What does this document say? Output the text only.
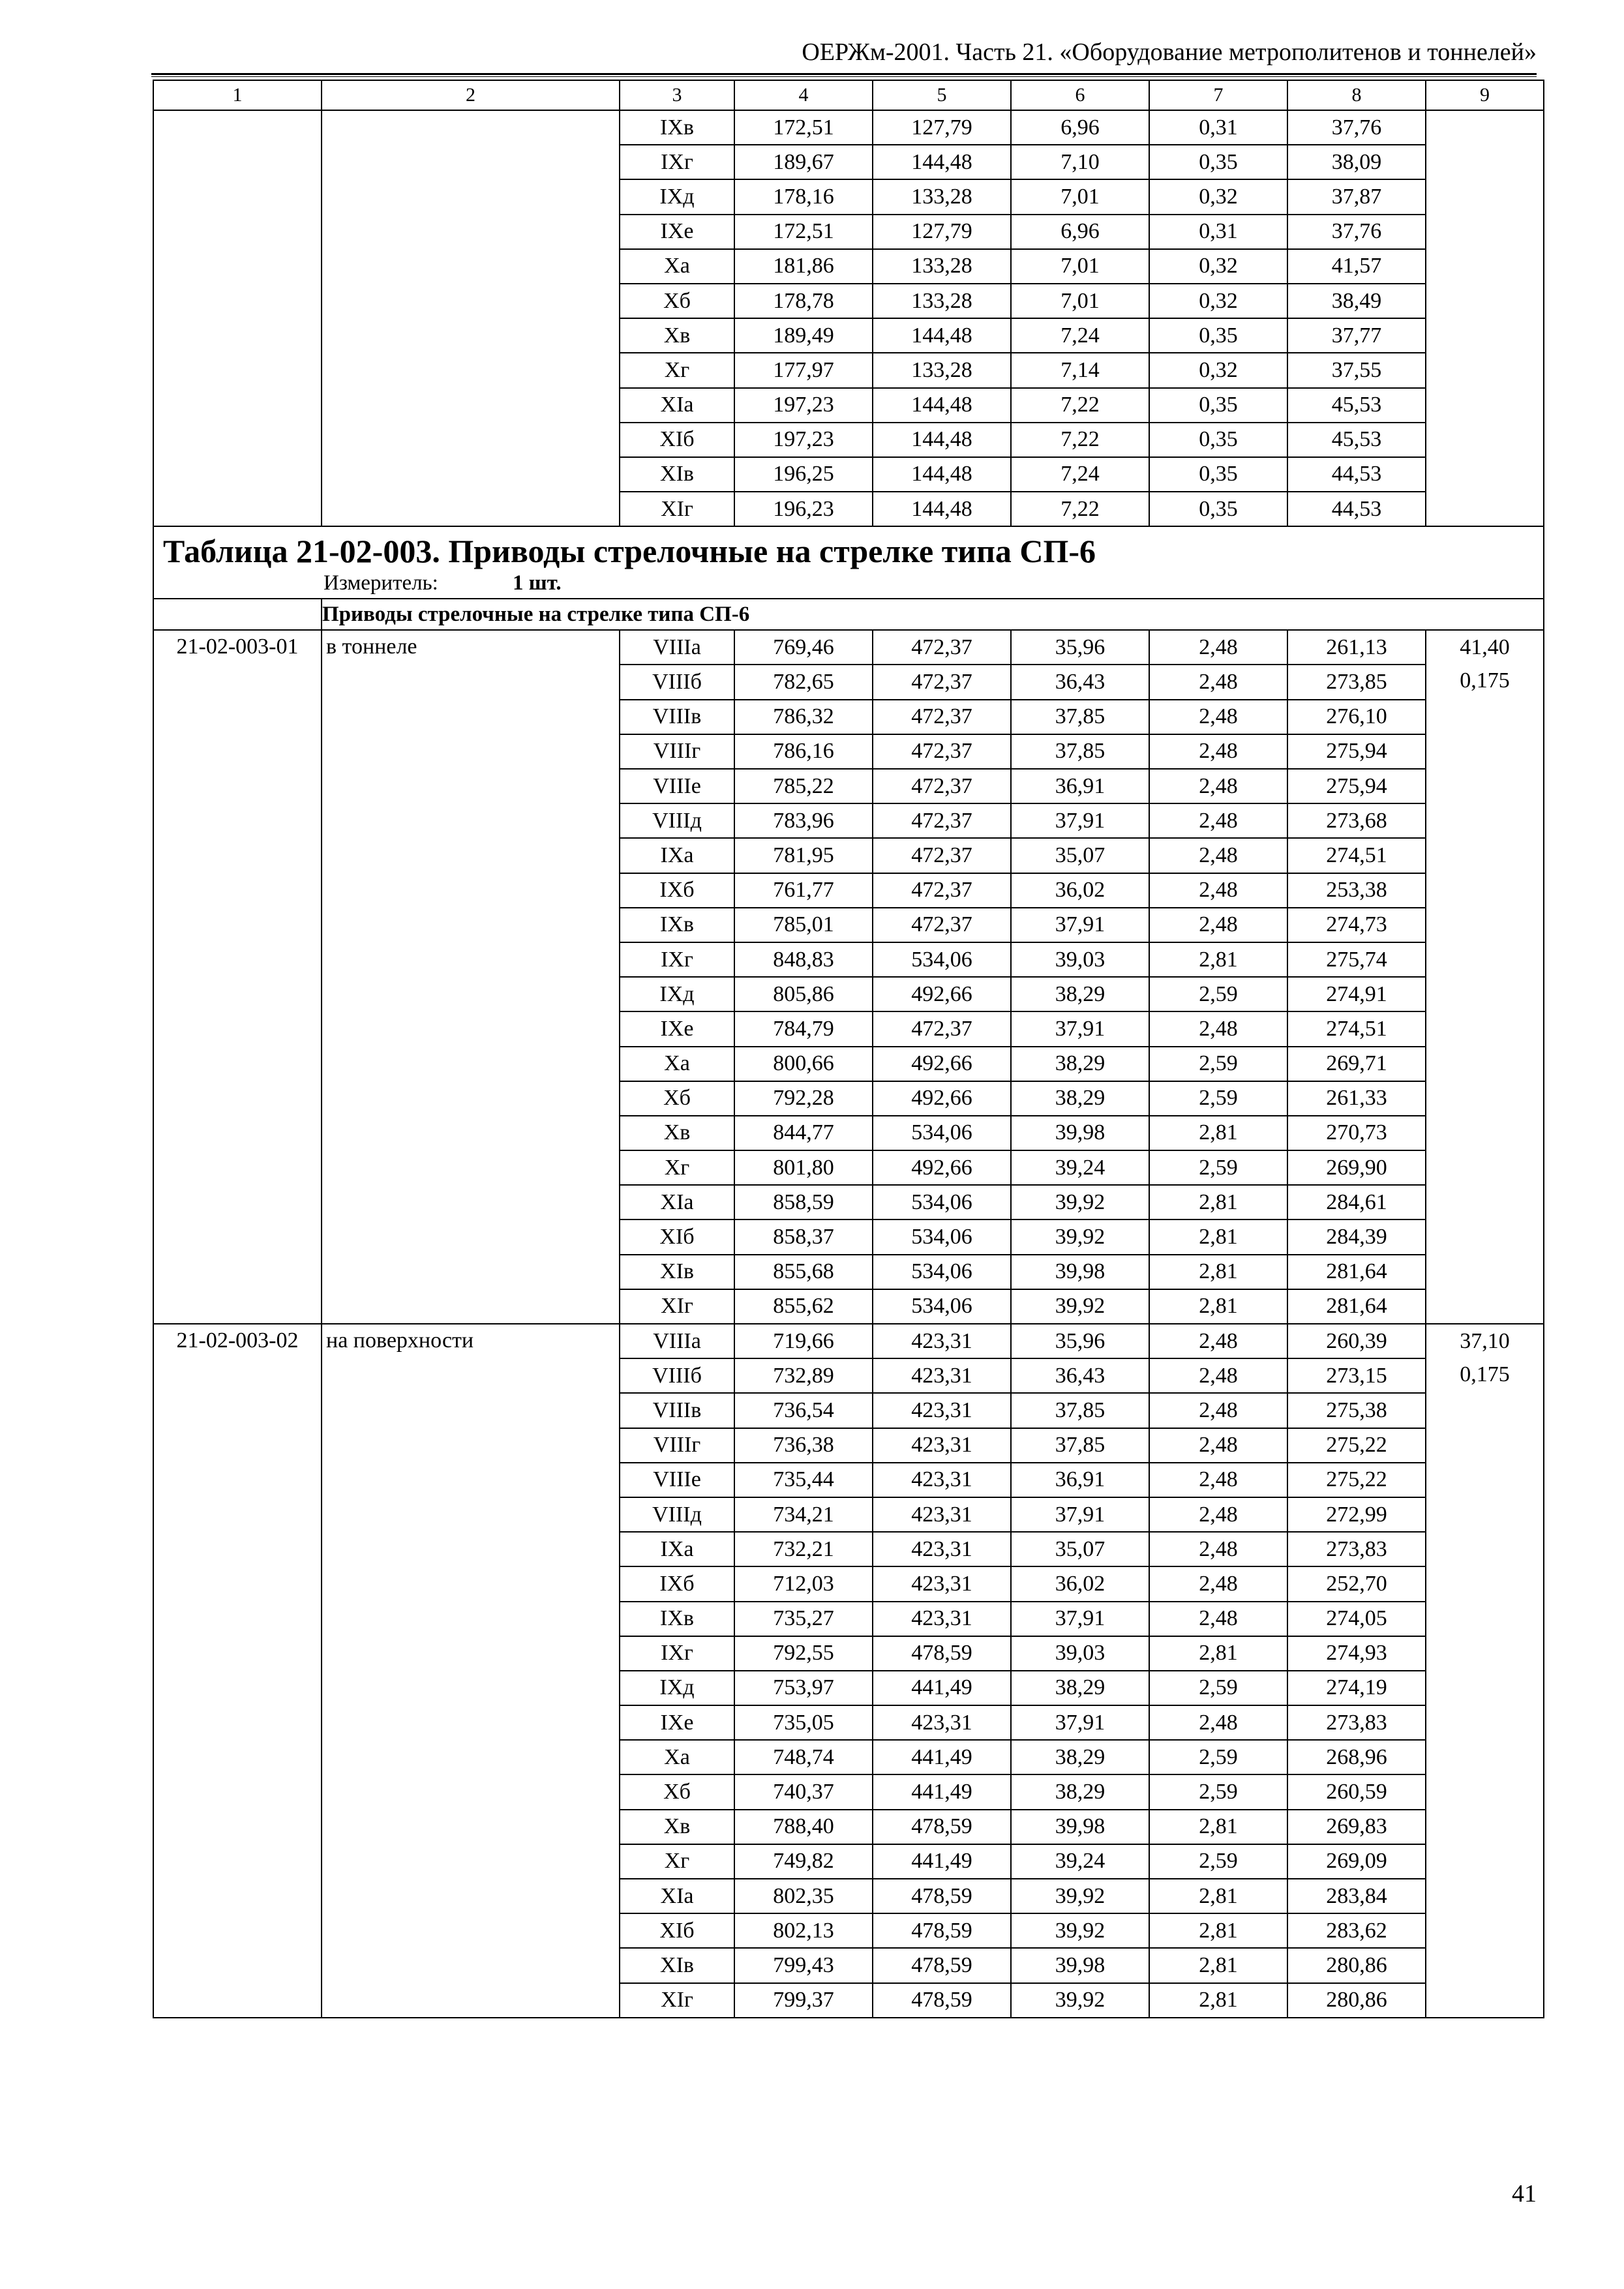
ОЕРЖм-2001. Часть 21. «Оборудование метрополитенов и тоннелей»
1	2	3	4	5	6	7	8	9
		IXв	172,51	127,79	6,96	0,31	37,76	
		IXг	189,67	144,48	7,10	0,35	38,09	
		IXд	178,16	133,28	7,01	0,32	37,87	
		IXе	172,51	127,79	6,96	0,31	37,76	
		Xа	181,86	133,28	7,01	0,32	41,57	
		Xб	178,78	133,28	7,01	0,32	38,49	
		Xв	189,49	144,48	7,24	0,35	37,77	
		Xг	177,97	133,28	7,14	0,32	37,55	
		XIа	197,23	144,48	7,22	0,35	45,53	
		XIб	197,23	144,48	7,22	0,35	45,53	
		XIв	196,25	144,48	7,24	0,35	44,53	
		XIг	196,23	144,48	7,22	0,35	44,53	

Таблица 21-02-003. Приводы стрелочные на стрелке типа СП-6
Измеритель: 1 шт.								

	Приводы стрелочные на стрелке типа СП-6							
21-02-003-01	в тоннеле	VIIIа	769,46	472,37	35,96	2,48	261,13	41,40
0,175

		VIIIб	782,65	472,37	36,43	2,48	273,85	
		VIIIв	786,32	472,37	37,85	2,48	276,10	
		VIIIг	786,16	472,37	37,85	2,48	275,94	
		VIIIе	785,22	472,37	36,91	2,48	275,94	
		VIIIд	783,96	472,37	37,91	2,48	273,68	
		IXа	781,95	472,37	35,07	2,48	274,51	
		IXб	761,77	472,37	36,02	2,48	253,38	
		IXв	785,01	472,37	37,91	2,48	274,73	
		IXг	848,83	534,06	39,03	2,81	275,74	
		IXд	805,86	492,66	38,29	2,59	274,91	
		IXе	784,79	472,37	37,91	2,48	274,51	
		Xа	800,66	492,66	38,29	2,59	269,71	
		Xб	792,28	492,66	38,29	2,59	261,33	
		Xв	844,77	534,06	39,98	2,81	270,73	
		Xг	801,80	492,66	39,24	2,59	269,90	
		XIа	858,59	534,06	39,92	2,81	284,61	
		XIб	858,37	534,06	39,92	2,81	284,39	
		XIв	855,68	534,06	39,98	2,81	281,64	
		XIг	855,62	534,06	39,92	2,81	281,64	
21-02-003-02	на поверхности	VIIIа	719,66	423,31	35,96	2,48	260,39	37,10
0,175

		VIIIб	732,89	423,31	36,43	2,48	273,15	
		VIIIв	736,54	423,31	37,85	2,48	275,38	
		VIIIг	736,38	423,31	37,85	2,48	275,22	
		VIIIе	735,44	423,31	36,91	2,48	275,22	
		VIIIд	734,21	423,31	37,91	2,48	272,99	
		IXа	732,21	423,31	35,07	2,48	273,83	
		IXб	712,03	423,31	36,02	2,48	252,70	
		IXв	735,27	423,31	37,91	2,48	274,05	
		IXг	792,55	478,59	39,03	2,81	274,93	
		IXд	753,97	441,49	38,29	2,59	274,19	
		IXе	735,05	423,31	37,91	2,48	273,83	
		Xа	748,74	441,49	38,29	2,59	268,96	
		Xб	740,37	441,49	38,29	2,59	260,59	
		Xв	788,40	478,59	39,98	2,81	269,83	
		Xг	749,82	441,49	39,24	2,59	269,09	
		XIа	802,35	478,59	39,92	2,81	283,84	
		XIб	802,13	478,59	39,92	2,81	283,62	
		XIв	799,43	478,59	39,98	2,81	280,86	
		XIг	799,37	478,59	39,92	2,81	280,86	
41
